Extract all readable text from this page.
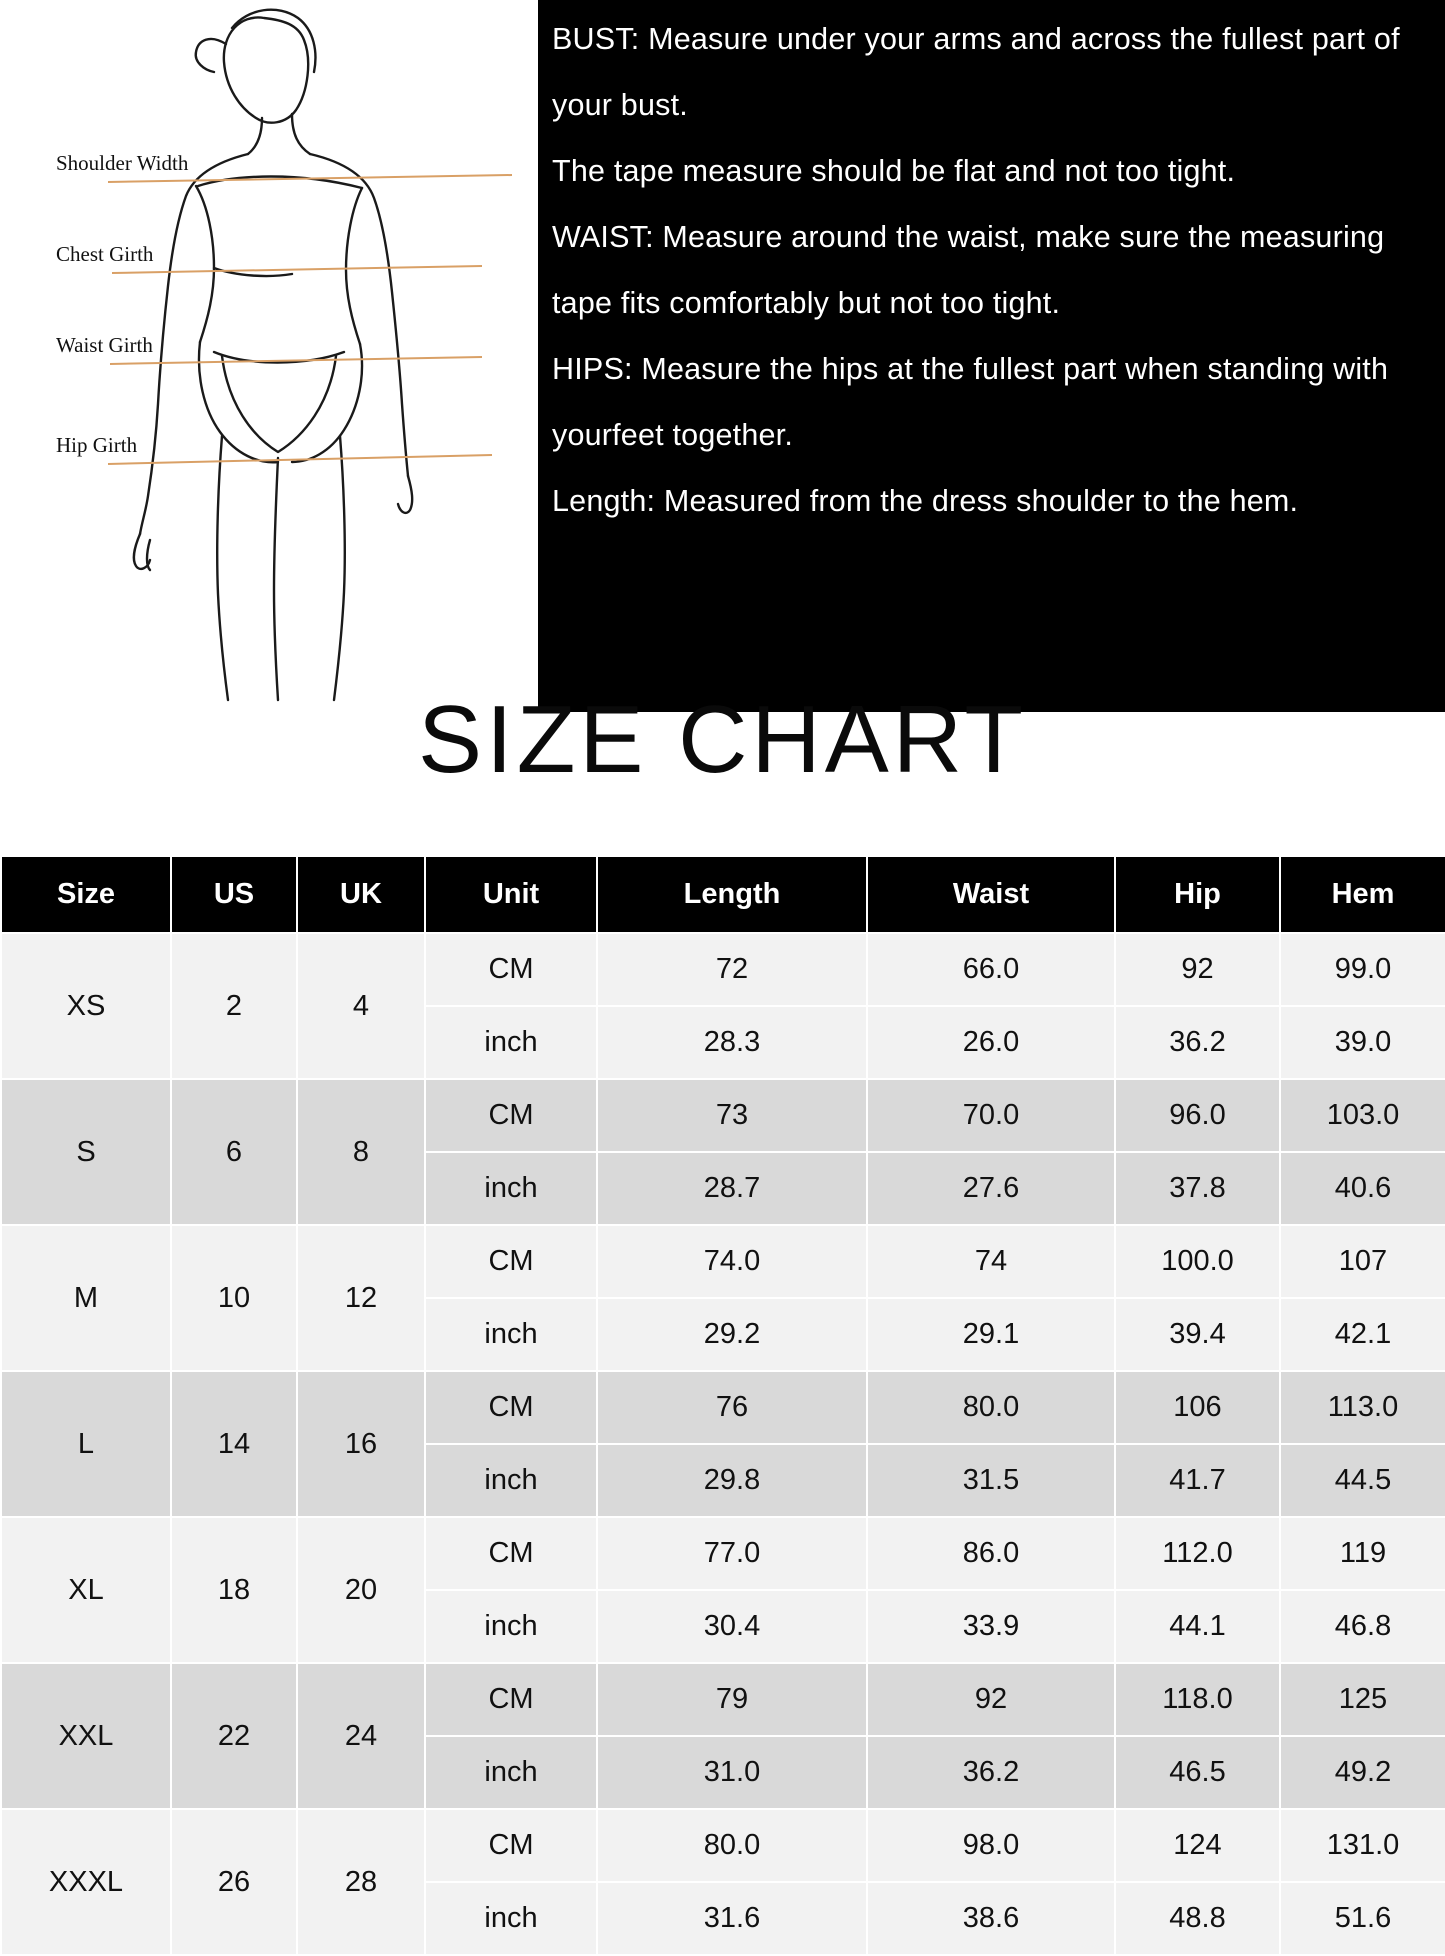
Shoulder Width
Chest Girth
Waist Girth
Hip Girth

BUST: Measure under your arms and across the fullest part of your bust.

The tape measure should be flat and not too tight.

WAIST: Measure around the waist, make sure the measuring tape fits comfortably but not too tight.

HIPS: Measure the hips at the fullest part when standing with yourfeet together.

Length: Measured from the dress shoulder to the hem.

SIZE CHART
Size	US	UK	Unit	Length	Waist	Hip	Hem
XS	2	4	CM	72	66.0	92	99.0
			inch	28.3	26.0	36.2	39.0
S	6	8	CM	73	70.0	96.0	103.0
			inch	28.7	27.6	37.8	40.6
M	10	12	CM	74.0	74	100.0	107
			inch	29.2	29.1	39.4	42.1
L	14	16	CM	76	80.0	106	113.0
			inch	29.8	31.5	41.7	44.5
XL	18	20	CM	77.0	86.0	112.0	119
			inch	30.4	33.9	44.1	46.8
XXL	22	24	CM	79	92	118.0	125
			inch	31.0	36.2	46.5	49.2
XXXL	26	28	CM	80.0	98.0	124	131.0
			inch	31.6	38.6	48.8	51.6
